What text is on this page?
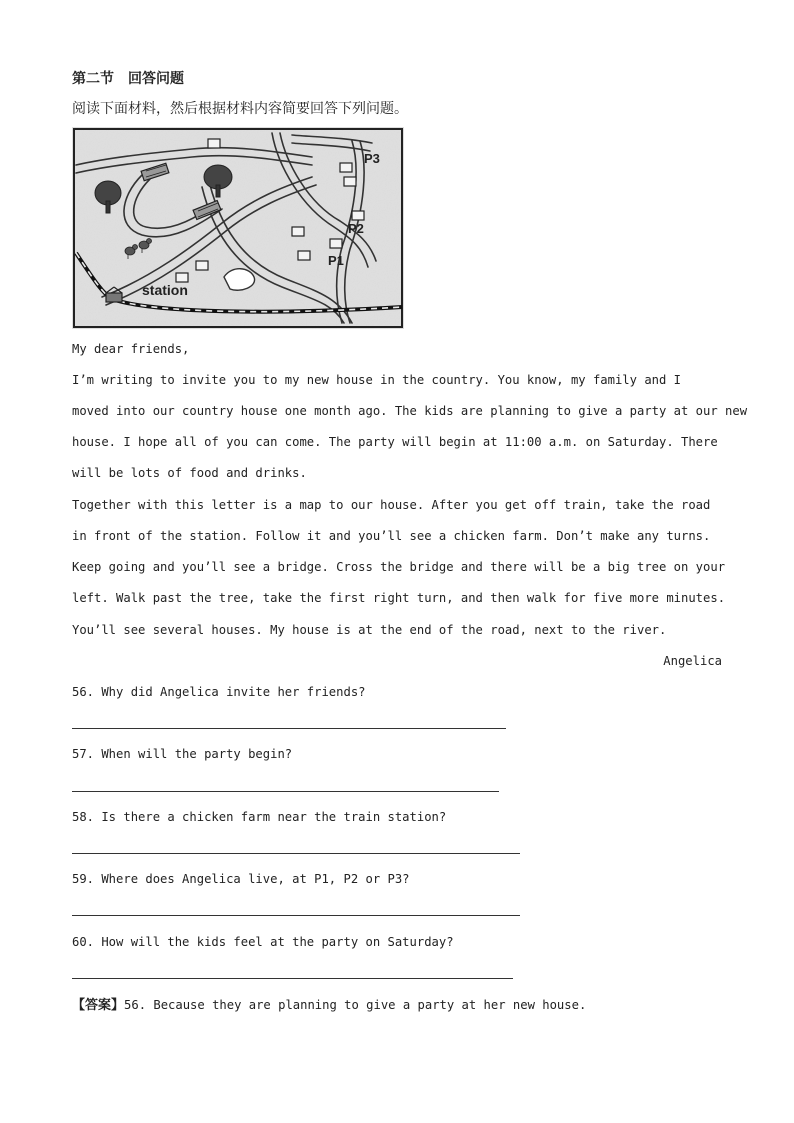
第二节　回答问题
阅读下面材料，然后根据材料内容简要回答下列问题。
station
P1
P2
P3
My dear friends,
I’m writing to invite you to my new house in the country. You know, my family and I
moved into our country house one month ago. The kids are planning to give a party at our new
house. I hope all of you can come. The party will begin at 11:00 a.m. on Saturday. There
will be lots of food and drinks.
Together with this letter is a map to our house. After you get off train, take the road
in front of the station. Follow it and you’ll see a chicken farm. Don’t make any turns.
Keep going and you’ll see a bridge. Cross the bridge and there will be a big tree on your
left. Walk past the tree, take the first right turn, and then walk for five more minutes.
You’ll see several houses. My house is at the end of the road, next to the river.
Angelica
56. Why did Angelica invite her friends?
57. When will the party begin?
58. Is there a chicken farm near the train station?
59. Where does Angelica live, at P1, P2 or P3?
60. How will the kids feel at the party on Saturday?
【答案】56. Because they are planning to give a party at her new house.
